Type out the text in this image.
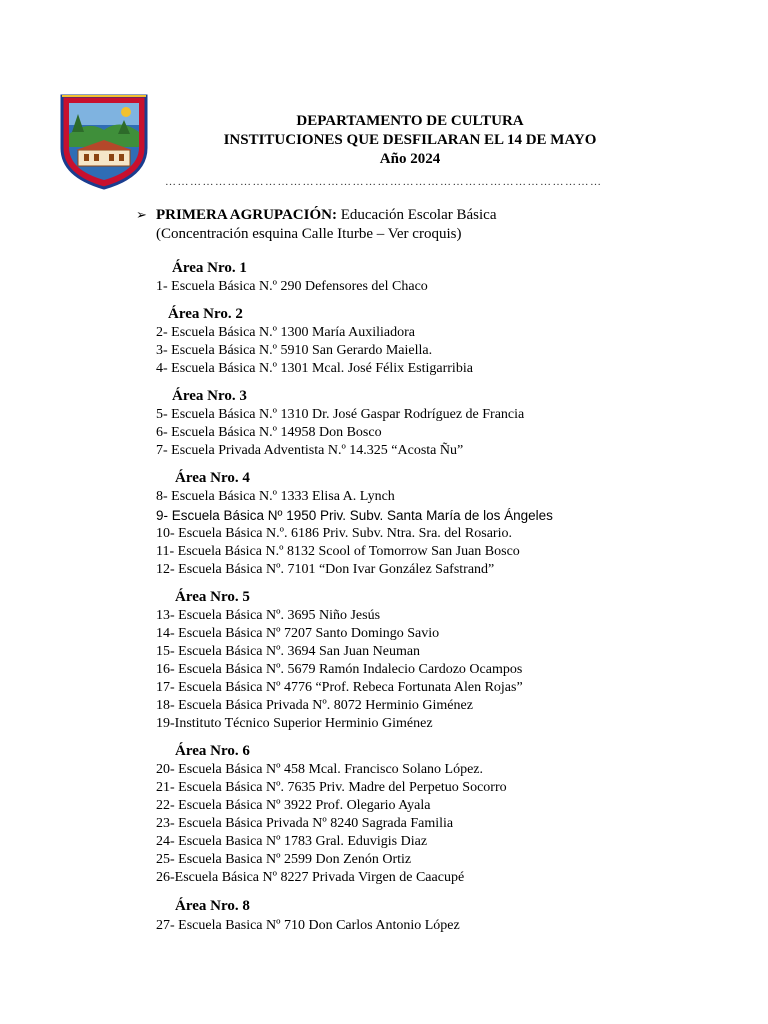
DEPARTAMENTO DE CULTURA
INSTITUCIONES QUE DESFILARAN EL 14 DE MAYO
Año 2024
……………………………………………………………………………………………
➢ PRIMERA AGRUPACIÓN: Educación Escolar Básica
(Concentración esquina Calle Iturbe – Ver croquis)
Área Nro. 1
Área Nro. 2
Área Nro. 3
Área Nro. 4
Área Nro. 5
Área Nro. 6
Área Nro. 8
1- Escuela Básica N.º 290 Defensores del Chaco
2- Escuela Básica N.º 1300 María Auxiliadora
3- Escuela Básica N.º 5910 San Gerardo Maiella.
4- Escuela Básica N.º 1301 Mcal. José Félix Estigarribia
5- Escuela Básica N.º 1310 Dr. José Gaspar Rodríguez de Francia
6- Escuela Básica N.º 14958 Don Bosco
7- Escuela Privada Adventista N.º 14.325 “Acosta Ñu”
8- Escuela Básica N.º 1333 Elisa A. Lynch
9- Escuela Básica Nº 1950 Priv. Subv. Santa María de los Ángeles
10- Escuela Básica N.º. 6186 Priv. Subv. Ntra. Sra. del Rosario.
11- Escuela Básica N.º 8132 Scool of Tomorrow San Juan Bosco
12- Escuela Básica Nº. 7101 “Don Ivar González Safstrand”
13- Escuela Básica Nº. 3695 Niño Jesús
14- Escuela Básica Nº 7207 Santo Domingo Savio
15- Escuela Básica Nº. 3694 San Juan Neuman
16- Escuela Básica Nº. 5679 Ramón Indalecio Cardozo Ocampos
17- Escuela Básica Nº 4776 “Prof. Rebeca Fortunata Alen Rojas”
18- Escuela Básica Privada Nº. 8072 Herminio Giménez
19-Instituto Técnico Superior Herminio Giménez
20- Escuela Básica Nº 458 Mcal. Francisco Solano López.
21- Escuela Básica Nº. 7635 Priv. Madre del Perpetuo Socorro
22- Escuela Básica Nº 3922 Prof. Olegario Ayala
23- Escuela Básica Privada Nº 8240 Sagrada Familia
24- Escuela Basica Nº 1783 Gral. Eduvigis Diaz
25- Escuela Basica Nº 2599 Don Zenón Ortiz
26-Escuela Básica Nº 8227 Privada Virgen de Caacupé
27- Escuela Basica Nº 710 Don Carlos Antonio López
